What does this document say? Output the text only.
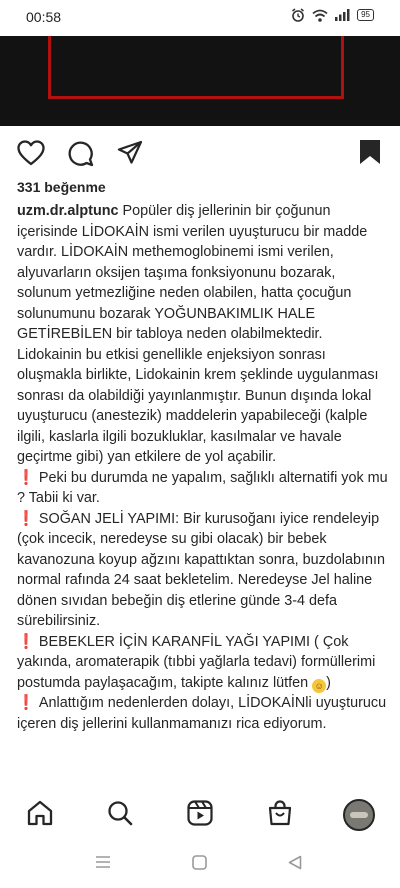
00:58	95
331 beğenme

uzm.dr.alptunc Popüler diş jellerinin bir çoğunun içerisinde LİDOKAİN ismi verilen uyuşturucu bir madde vardır. LİDOKAİN methemoglobinemi ismi verilen, alyuvarların oksijen taşıma fonksiyonunu bozarak, solunum yetmezliğine neden olabilen, hatta çocuğun solunumunu bozarak YOĞUNBAKIMLIK HALE GETİREBİLEN bir tabloya neden olabilmektedir. Lidokainin bu etkisi genellikle enjeksiyon sonrası oluşmakla birlikte, Lidokainin krem şeklinde uygulanması sonrası da olabildiği yayınlanmıştır. Bunun dışında lokal uyuşturucu (anestezik) maddelerin yapabileceği (kalple ilgili, kaslarla ilgili bozukluklar, kasılmalar ve havale geçirtme gibi) yan etkilere de yol açabilir.

❗ Peki bu durumda ne yapalım, sağlıklı alternatifi yok mu ? Tabii ki var.

❗ SOĞAN JELİ YAPIMI: Bir kurusoğanı iyice rendeleyip (çok incecik, neredeyse su gibi olacak) bir bebek kavanozuna koyup ağzını kapattıktan sonra, buzdolabının normal rafında 24 saat bekletelim. Neredeyse Jel haline dönen sıvıdan bebeğin diş etlerine günde 3-4 defa sürebilirsiniz.

❗ BEBEKLER İÇİN KARANFİL YAĞI YAPIMI ( Çok yakında, aromaterapik (tıbbi yağlarla tedavi) formüllerimi postumda paylaşacağım, takipte kalınız lütfen ☺ )

❗ Anlattığım nedenlerden dolayı, LİDOKAİNli uyuşturucu içeren diş jellerini kullanmamanızı rica ediyorum.
